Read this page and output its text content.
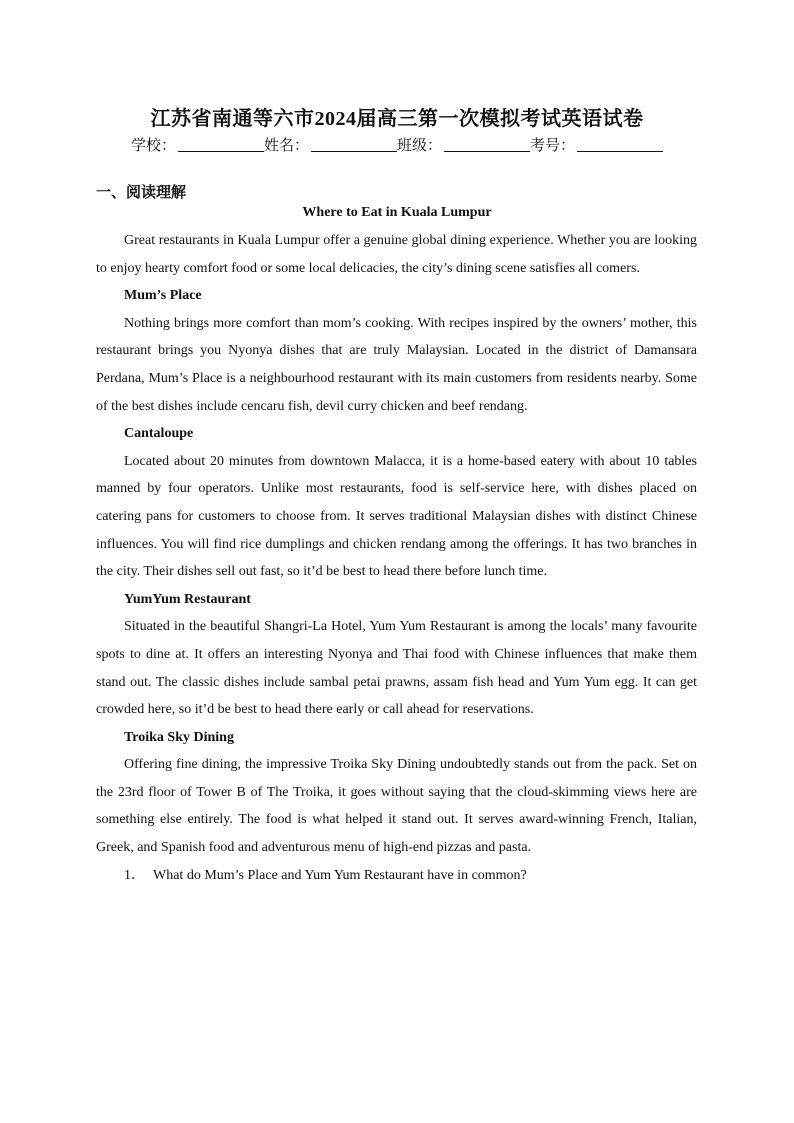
江苏省南通等六市2024届高三第一次模拟考试英语试卷
学校：	姓名：	班级：	考号：
一、阅读理解
Where to Eat in Kuala Lumpur

Great restaurants in Kuala Lumpur offer a genuine global dining experience. Whether you are looking to enjoy hearty comfort food or some local delicacies, the city’s dining scene satisfies all comers.

Mum’s Place

Nothing brings more comfort than mom’s cooking. With recipes inspired by the owners’ mother, this restaurant brings you Nyonya dishes that are truly Malaysian. Located in the district of Damansara Perdana, Mum’s Place is a neighbourhood restaurant with its main customers from residents nearby. Some of the best dishes include cencaru fish, devil curry chicken and beef rendang.

Cantaloupe

Located about 20 minutes from downtown Malacca, it is a home-based eatery with about 10 tables manned by four operators. Unlike most restaurants, food is self-service here, with dishes placed on catering pans for customers to choose from. It serves traditional Malaysian dishes with distinct Chinese influences. You will find rice dumplings and chicken rendang among the offerings. It has two branches in the city. Their dishes sell out fast, so it’d be best to head there before lunch time.

YumYum Restaurant

Situated in the beautiful Shangri-La Hotel, Yum Yum Restaurant is among the locals’ many favourite spots to dine at. It offers an interesting Nyonya and Thai food with Chinese influences that make them stand out. The classic dishes include sambal petai prawns, assam fish head and Yum Yum egg. It can get crowded here, so it’d be best to head there early or call ahead for reservations.

Troika Sky Dining

Offering fine dining, the impressive Troika Sky Dining undoubtedly stands out from the pack. Set on the 23rd floor of Tower B of The Troika, it goes without saying that the cloud-skimming views here are something else entirely. The food is what helped it stand out. It serves award-winning French, Italian, Greek, and Spanish food and adventurous menu of high-end pizzas and pasta.

1． What do Mum’s Place and Yum Yum Restaurant have in common?
